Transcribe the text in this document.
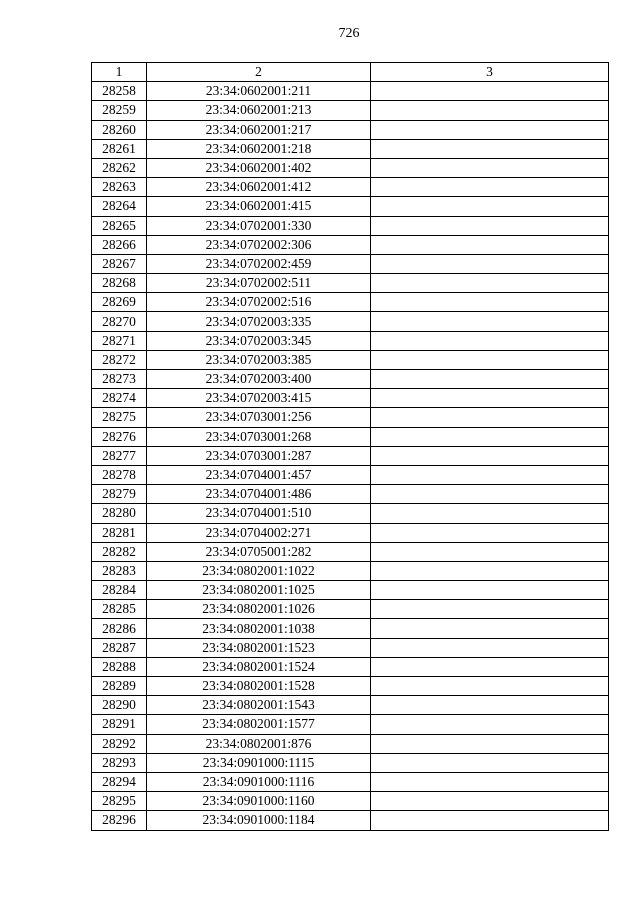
726
1	2	3
28258	23:34:0602001:211	
28259	23:34:0602001:213	
28260	23:34:0602001:217	
28261	23:34:0602001:218	
28262	23:34:0602001:402	
28263	23:34:0602001:412	
28264	23:34:0602001:415	
28265	23:34:0702001:330	
28266	23:34:0702002:306	
28267	23:34:0702002:459	
28268	23:34:0702002:511	
28269	23:34:0702002:516	
28270	23:34:0702003:335	
28271	23:34:0702003:345	
28272	23:34:0702003:385	
28273	23:34:0702003:400	
28274	23:34:0702003:415	
28275	23:34:0703001:256	
28276	23:34:0703001:268	
28277	23:34:0703001:287	
28278	23:34:0704001:457	
28279	23:34:0704001:486	
28280	23:34:0704001:510	
28281	23:34:0704002:271	
28282	23:34:0705001:282	
28283	23:34:0802001:1022	
28284	23:34:0802001:1025	
28285	23:34:0802001:1026	
28286	23:34:0802001:1038	
28287	23:34:0802001:1523	
28288	23:34:0802001:1524	
28289	23:34:0802001:1528	
28290	23:34:0802001:1543	
28291	23:34:0802001:1577	
28292	23:34:0802001:876	
28293	23:34:0901000:1115	
28294	23:34:0901000:1116	
28295	23:34:0901000:1160	
28296	23:34:0901000:1184	
